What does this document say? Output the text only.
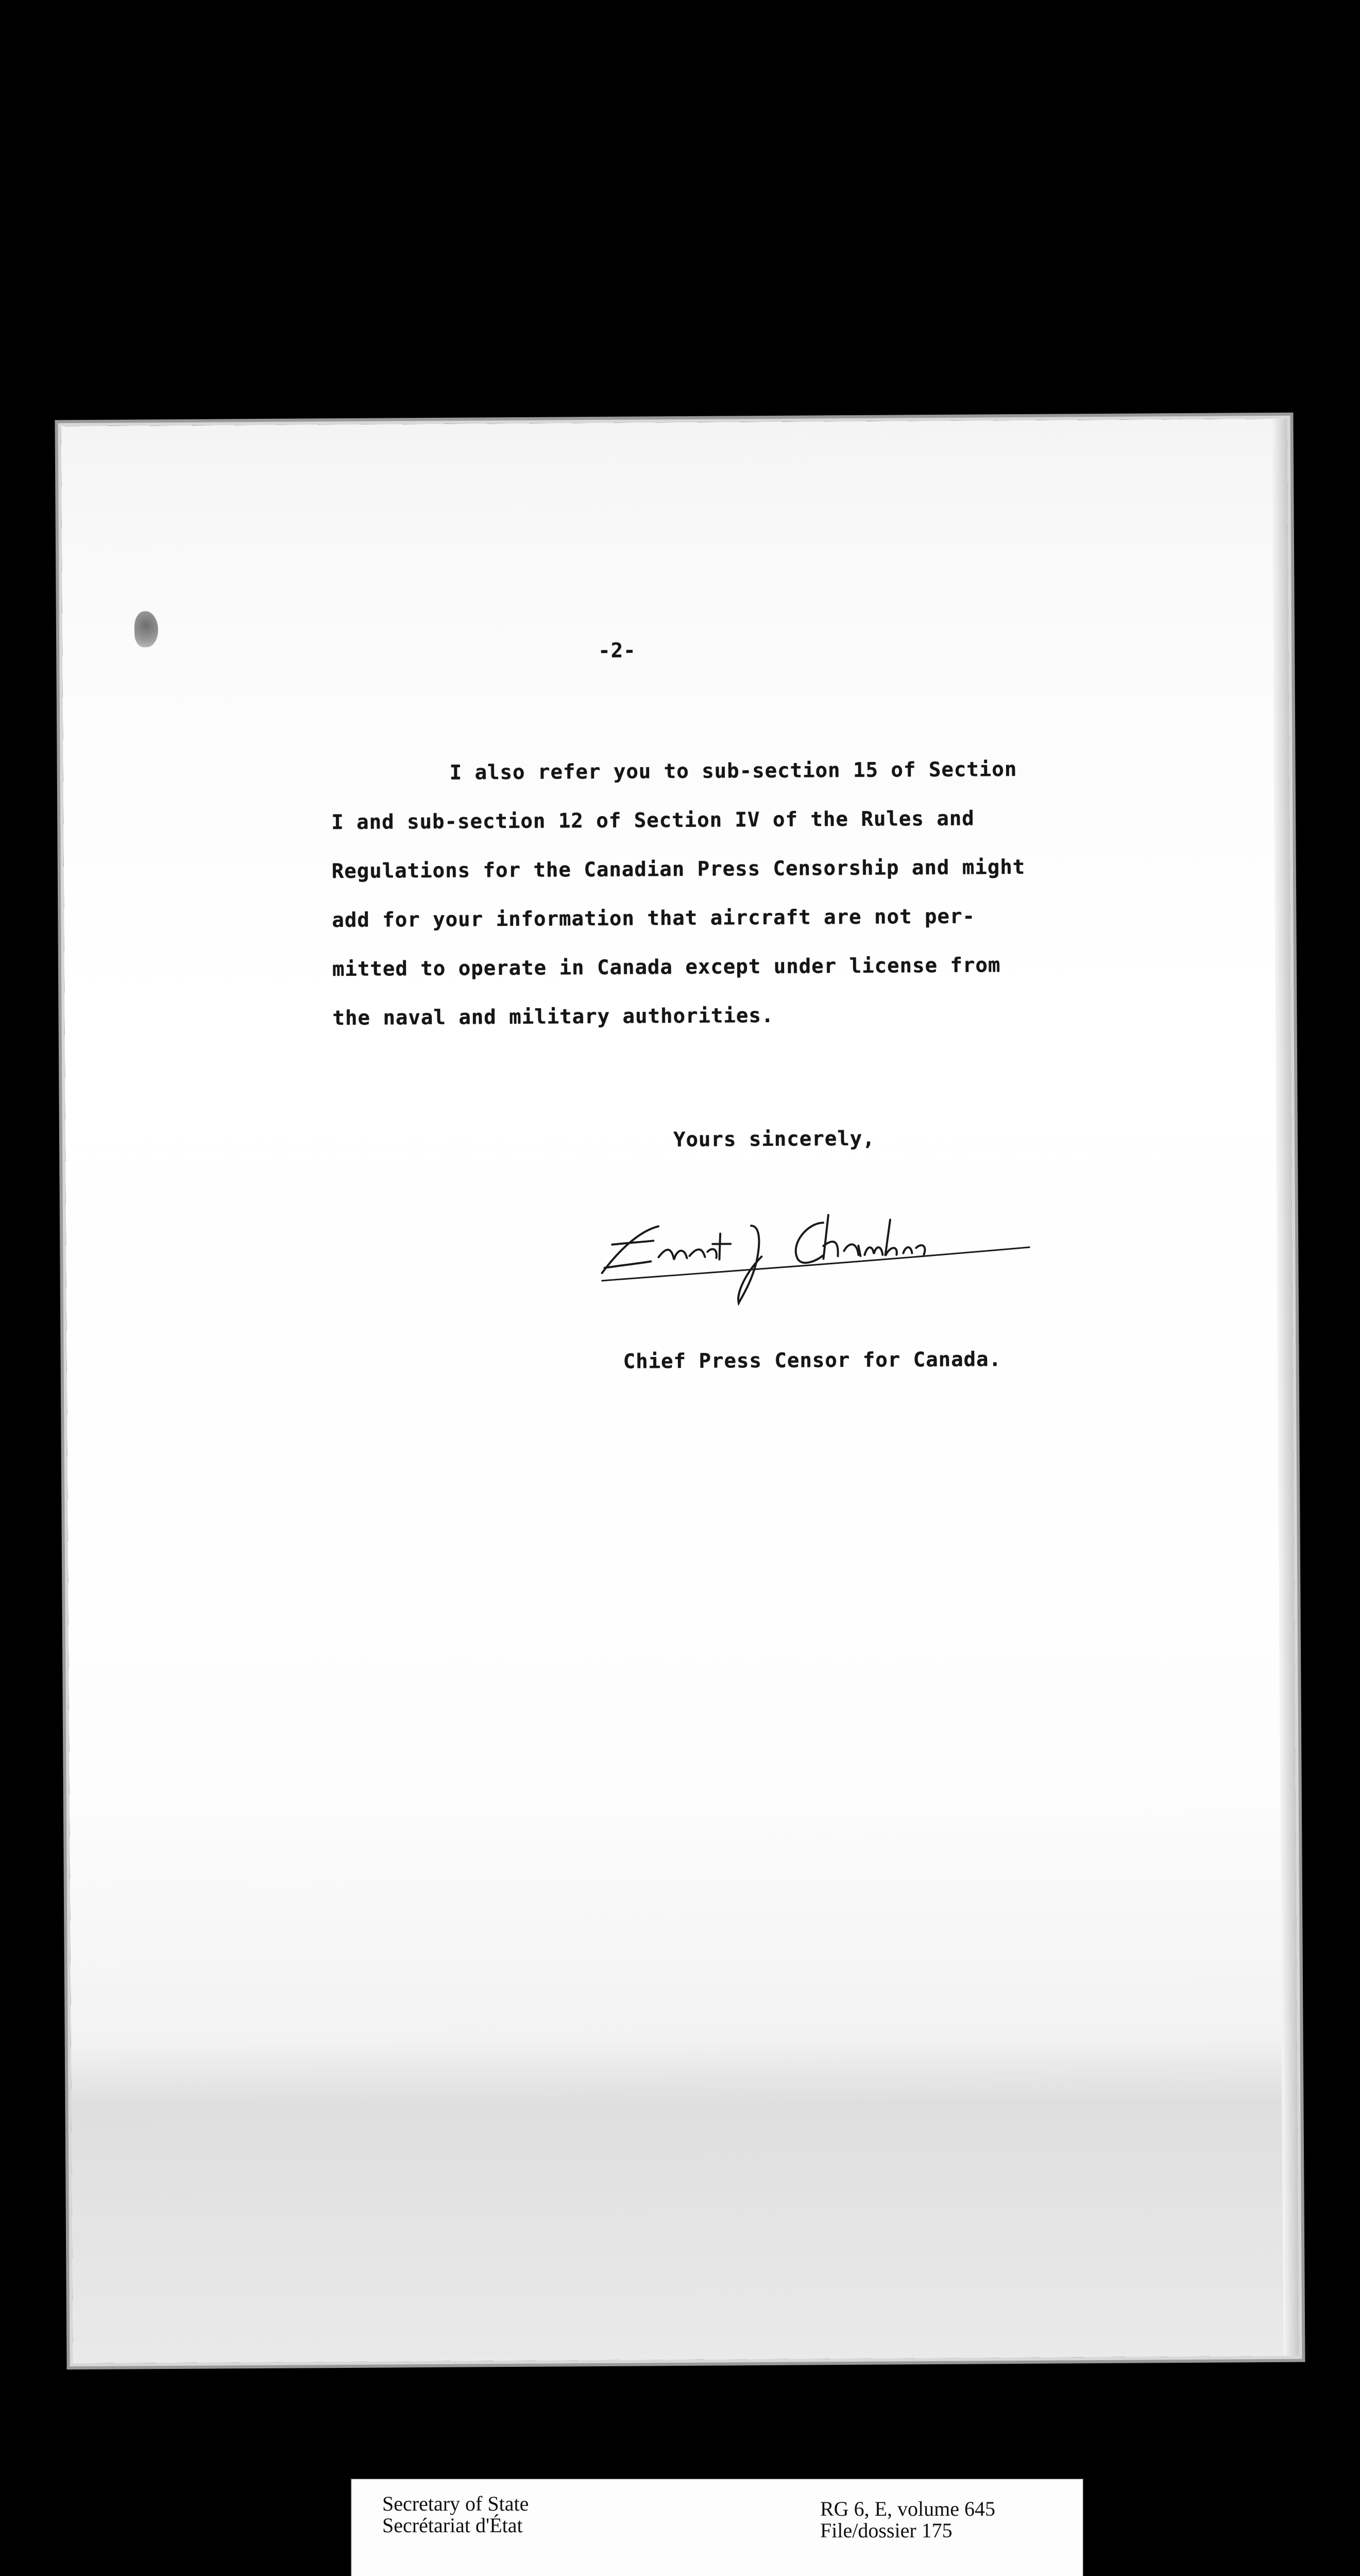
-2-
I also refer you to sub-section 15 of Section
I and sub-section 12 of Section IV of the Rules and
Regulations for the Canadian Press Censorship and might
add for your information that aircraft are not per-
mitted to operate in Canada except under license from
the naval and military authorities.
Yours sincerely,
Chief Press Censor for Canada.
Secretary of State
Secrétariat d'État
RG 6, E, volume 645
File/dossier 175
